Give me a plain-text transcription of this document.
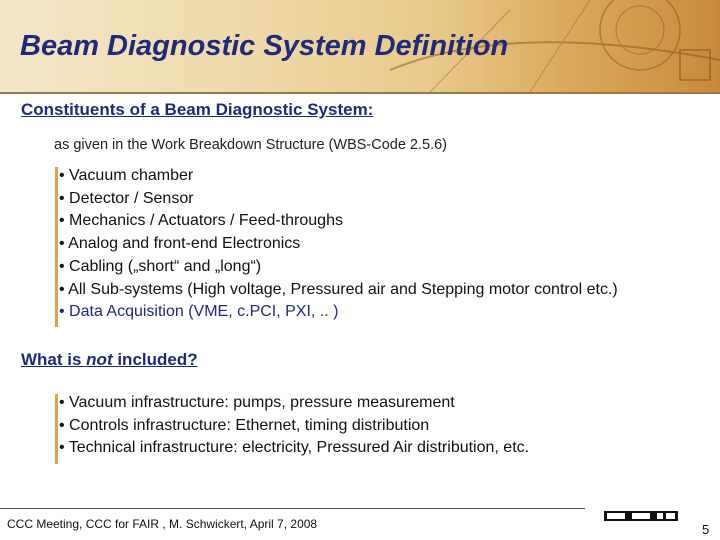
Beam Diagnostic System Definition
Constituents of a Beam Diagnostic System:
as given in the Work Breakdown Structure (WBS-Code 2.5.6)
• Vacuum chamber
• Detector / Sensor
• Mechanics / Actuators / Feed-throughs
• Analog and front-end Electronics
• Cabling („short“ and „long“)
• All Sub-systems (High voltage, Pressured air and Stepping motor control etc.)
• Data Acquisition (VME, c.PCI, PXI, .. )
What is not included?
• Vacuum infrastructure: pumps, pressure measurement
• Controls infrastructure: Ethernet, timing distribution
• Technical infrastructure: electricity, Pressured Air distribution, etc.
CCC Meeting, CCC for FAIR , M. Schwickert, April 7, 2008	5
